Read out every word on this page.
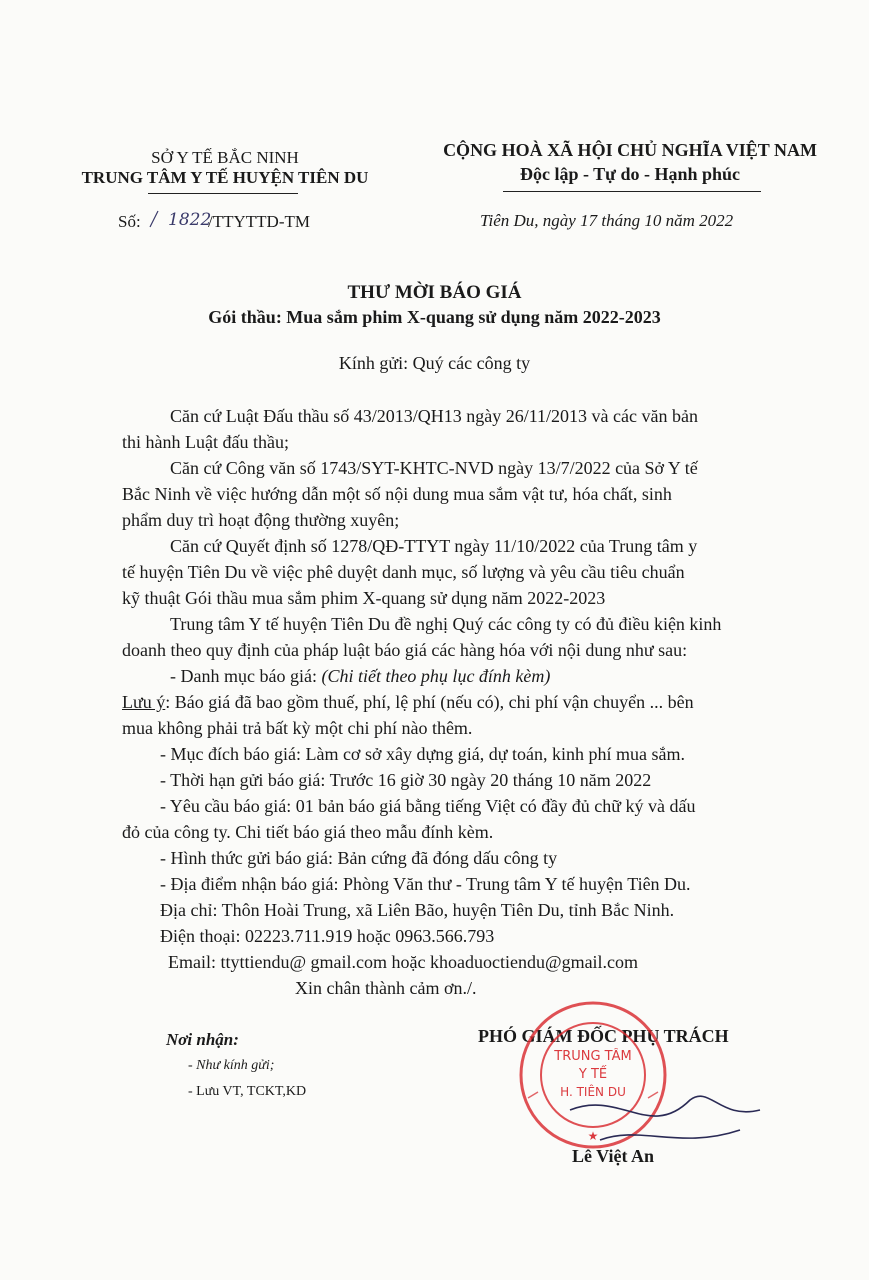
SỞ Y TẾ BẮC NINH
TRUNG TÂM Y TẾ HUYỆN TIÊN DU
Số: 1822
/TTYTTD-TM
CỘNG HOÀ XÃ HỘI CHỦ NGHĨA VIỆT NAM
Độc lập - Tự do - Hạnh phúc
Tiên Du, ngày 17 tháng 10 năm 2022
THƯ MỜI BÁO GIÁ
Gói thầu: Mua sắm phim X-quang sử dụng năm 2022-2023
Kính gửi: Quý các công ty
Căn cứ Luật Đấu thầu số 43/2013/QH13 ngày 26/11/2013 và các văn bản
thi hành Luật đấu thầu;
Căn cứ Công văn số 1743/SYT-KHTC-NVD ngày 13/7/2022 của Sở Y tế
Bắc Ninh về việc hướng dẫn một số nội dung mua sắm vật tư, hóa chất, sinh
phẩm duy trì hoạt động thường xuyên;
Căn cứ Quyết định số 1278/QĐ-TTYT ngày 11/10/2022 của Trung tâm y
tế huyện Tiên Du về việc phê duyệt danh mục, số lượng và yêu cầu tiêu chuẩn
kỹ thuật Gói thầu mua sắm phim X-quang sử dụng năm 2022-2023
Trung tâm Y tế huyện Tiên Du đề nghị Quý các công ty có đủ điều kiện kinh
doanh theo quy định của pháp luật báo giá các hàng hóa với nội dung như sau:
- Danh mục báo giá: (Chi tiết theo phụ lục đính kèm)
Lưu ý: Báo giá đã bao gồm thuế, phí, lệ phí (nếu có), chi phí vận chuyển ... bên
mua không phải trả bất kỳ một chi phí nào thêm.
- Mục đích báo giá: Làm cơ sở xây dựng giá, dự toán, kinh phí mua sắm.
- Thời hạn gửi báo giá: Trước 16 giờ 30 ngày 20 tháng 10 năm 2022
- Yêu cầu báo giá: 01 bản báo giá bằng tiếng Việt có đầy đủ chữ ký và dấu
đỏ của công ty. Chi tiết báo giá theo mẫu đính kèm.
- Hình thức gửi báo giá: Bản cứng đã đóng dấu công ty
- Địa điểm nhận báo giá: Phòng Văn thư - Trung tâm Y tế huyện Tiên Du.
Địa chỉ: Thôn Hoài Trung, xã Liên Bão, huyện Tiên Du, tỉnh Bắc Ninh.
Điện thoại: 02223.711.919 hoặc 0963.566.793
Email: ttyttiendu@ gmail.com hoặc khoaduoctiendu@gmail.com
Xin chân thành cảm ơn./.
Nơi nhận:
- Như kính gửi;
- Lưu VT, TCKT,KD
PHÓ GIÁM ĐỐC PHỤ TRÁCH
TRUNG TÂM
Y TẾ
H. TIÊN DU
★
Lê Việt An
